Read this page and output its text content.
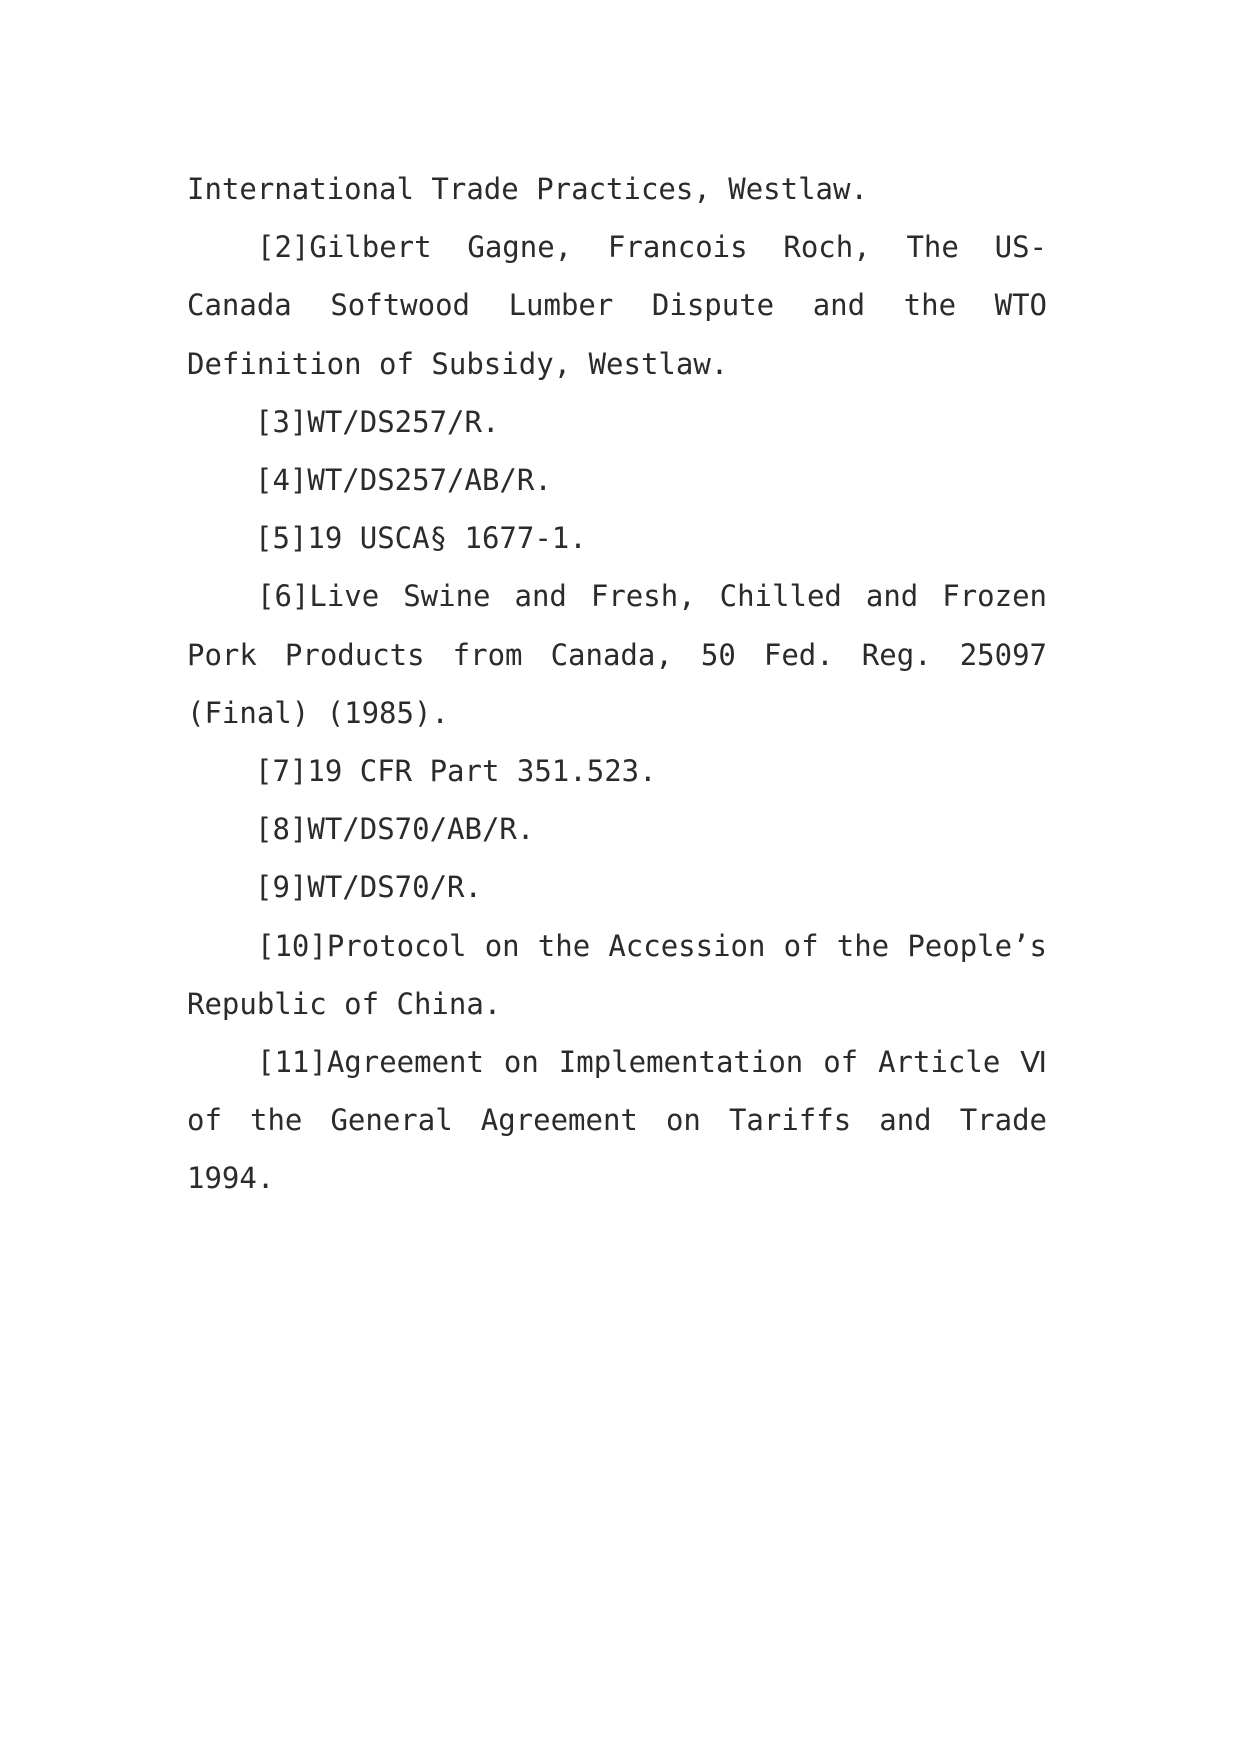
International Trade Practices, Westlaw.

[2]Gilbert Gagne, Francois Roch, The US-Canada Softwood Lumber Dispute and the WTO Definition of Subsidy, Westlaw.

[3]WT/DS257/R.

[4]WT/DS257/AB/R.

[5]19 USCA§ 1677-1.

[6]Live Swine and Fresh, Chilled and Frozen Pork Products from Canada, 50 Fed. Reg. 25097 (Final) (1985).

[7]19 CFR Part 351.523.

[8]WT/DS70/AB/R.

[9]WT/DS70/R.

[10]Protocol on the Accession of the People’s Republic of China.

[11]Agreement on Implementation of Article Ⅵ of the General Agreement on Tariffs and Trade 1994.
